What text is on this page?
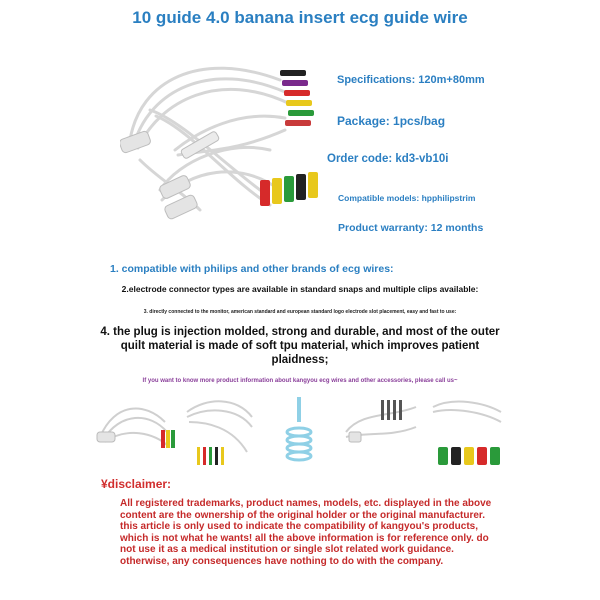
10 guide 4.0 banana insert ecg guide wire
Specifications: 120m+80mm
Package: 1pcs/bag
Order code: kd3-vb10i
Compatible models: hpphilipstrim
Product warranty: 12 months
1. compatible with philips and other brands of ecg wires:
2.electrode connector types are available in standard snaps and multiple clips available:
3. directly connected to the monitor, american standard and european standard logo electrode slot placement, easy and fast to use:
4. the plug is injection molded, strong and durable, and most of the outer quilt material is made of soft tpu material, which improves patient plaidness;
If you want to know more product information about kangyou ecg wires and other accessories, please call us~
¥disclaimer:
All registered trademarks, product names, models, etc. displayed in the above content are the ownership of the original holder or the original manufacturer. this article is only used to indicate the compatibility of kangyou's products, which is not what he wants! all the above information is for reference only. do not use it as a medical institution or single slot related work guidance. otherwise, any consequences have nothing to do with the company.
